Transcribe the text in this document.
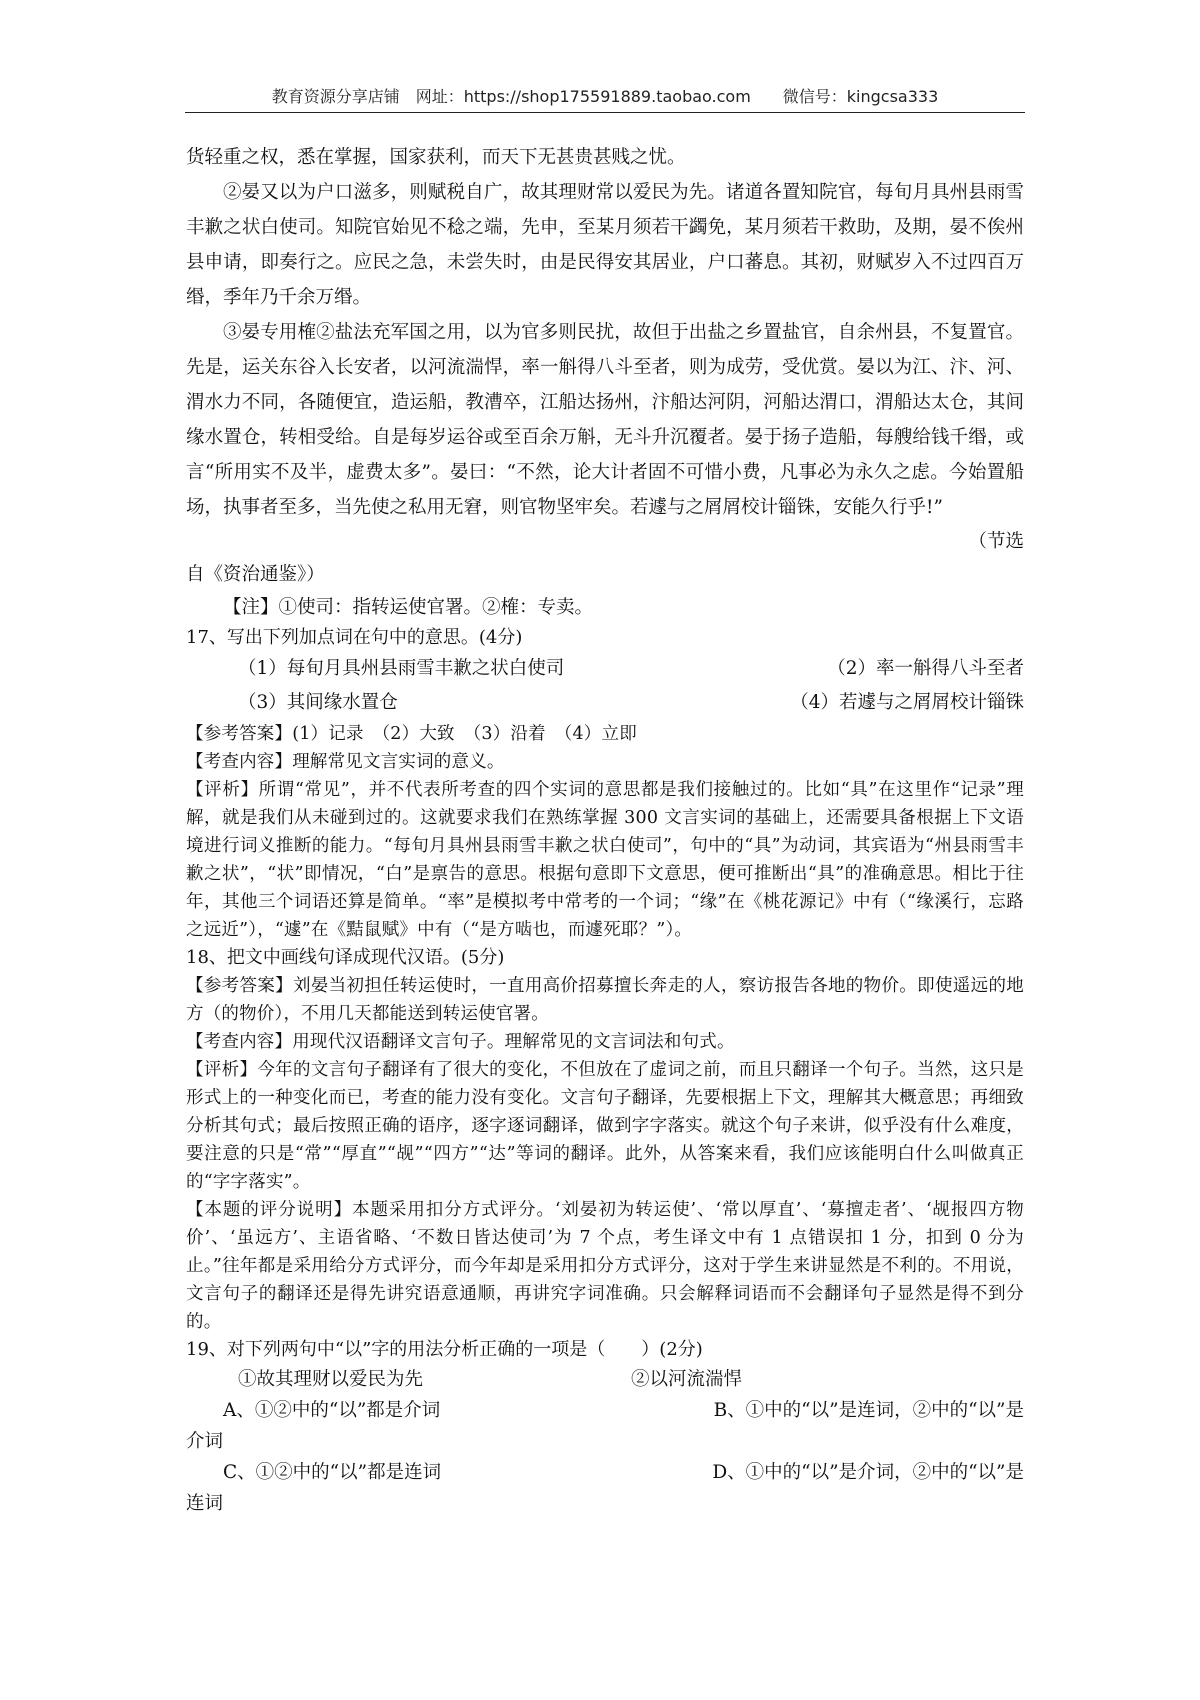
教育资源分享店铺　网址：https://shop175591889.taobao.com　　微信号：kingcsa333

货轻重之权，悉在掌握，国家获利，而天下无甚贵甚贱之忧。

②晏又以为户口滋多，则赋税自广，故其理财常以爱民为先。诸道各置知院官，每旬月具州县雨雪丰歉之状白使司。知院官始见不稔之端，先申，至某月须若干蠲免，某月须若干救助，及期，晏不俟州县申请，即奏行之。应民之急，未尝失时，由是民得安其居业，户口蕃息。其初，财赋岁入不过四百万缗，季年乃千余万缗。

③晏专用榷②盐法充军国之用，以为官多则民扰，故但于出盐之乡置盐官，自余州县，不复置官。先是，运关东谷入长安者，以河流湍悍，率一斛得八斗至者，则为成劳，受优赏。晏以为江、汴、河、渭水力不同，各随便宜，造运船，教漕卒，江船达扬州，汴船达河阴，河船达渭口，渭船达太仓，其间缘水置仓，转相受给。自是每岁运谷或至百余万斛，无斗升沉覆者。晏于扬子造船，每艘给钱千缗，或言“所用实不及半，虚费太多”。晏曰：“不然，论大计者固不可惜小费，凡事必为永久之虑。今始置船场，执事者至多，当先使之私用无窘，则官物坚牢矣。若遽与之屑屑校计锱铢，安能久行乎!”

（节选

自《资治通鉴》）

【注】①使司：指转运使官署。②榷：专卖。

17、写出下列加点词在句中的意思。(4分)

（1）每旬月具州县雨雪丰歉之状白使司	（2）率一斛得八斗至者
（3）其间缘水置仓	（4）若遽与之屑屑校计锱铢

【参考答案】(1）记录　（2）大致　（3）沿着　（4）立即

【考查内容】理解常见文言实词的意义。

【评析】所谓“常见”，并不代表所考查的四个实词的意思都是我们接触过的。比如“具”在这里作“记录”理解，就是我们从未碰到过的。这就要求我们在熟练掌握 300 文言实词的基础上，还需要具备根据上下文语境进行词义推断的能力。“每旬月具州县雨雪丰歉之状白使司”，句中的“具”为动词，其宾语为“州县雨雪丰歉之状”，“状”即情况，“白”是禀告的意思。根据句意即下文意思，便可推断出“具”的准确意思。相比于往年，其他三个词语还算是简单。“率”是模拟考中常考的一个词；“缘”在《桃花源记》中有（“缘溪行，忘路之远近”），“遽”在《黠鼠赋》中有（“是方啮也，而遽死耶？”）。

18、把文中画线句译成现代汉语。(5分)

【参考答案】刘晏当初担任转运使时，一直用高价招募擅长奔走的人，察访报告各地的物价。即使遥远的地方（的物价），不用几天都能送到转运使官署。

【考查内容】用现代汉语翻译文言句子。理解常见的文言词法和句式。

【评析】今年的文言句子翻译有了很大的变化，不但放在了虚词之前，而且只翻译一个句子。当然，这只是形式上的一种变化而已，考查的能力没有变化。文言句子翻译，先要根据上下文，理解其大概意思；再细致分析其句式；最后按照正确的语序，逐字逐词翻译，做到字字落实。就这个句子来讲，似乎没有什么难度，要注意的只是“常”“厚直”“觇”“四方”“达”等词的翻译。此外，从答案来看，我们应该能明白什么叫做真正的“字字落实”。

【本题的评分说明】本题采用扣分方式评分。‘刘晏初为转运使’、‘常以厚直’、‘募擅走者’、‘觇报四方物价’、‘虽远方’、主语省略、‘不数日皆达使司’为 7 个点，考生译文中有 1 点错误扣 1 分，扣到 0 分为止。”往年都是采用给分方式评分，而今年却是采用扣分方式评分，这对于学生来讲显然是不利的。不用说，文言句子的翻译还是得先讲究语意通顺，再讲究字词准确。只会解释词语而不会翻译句子显然是得不到分的。

19、对下列两句中“以”字的用法分析正确的一项是（　　）(2分)

①故其理财以爱民为先	②以河流湍悍

A、①②中的“以”都是介词	B、①中的“以”是连词，②中的“以”是

介词

C、①②中的“以”都是连词	D、①中的“以”是介词，②中的“以”是

连词
